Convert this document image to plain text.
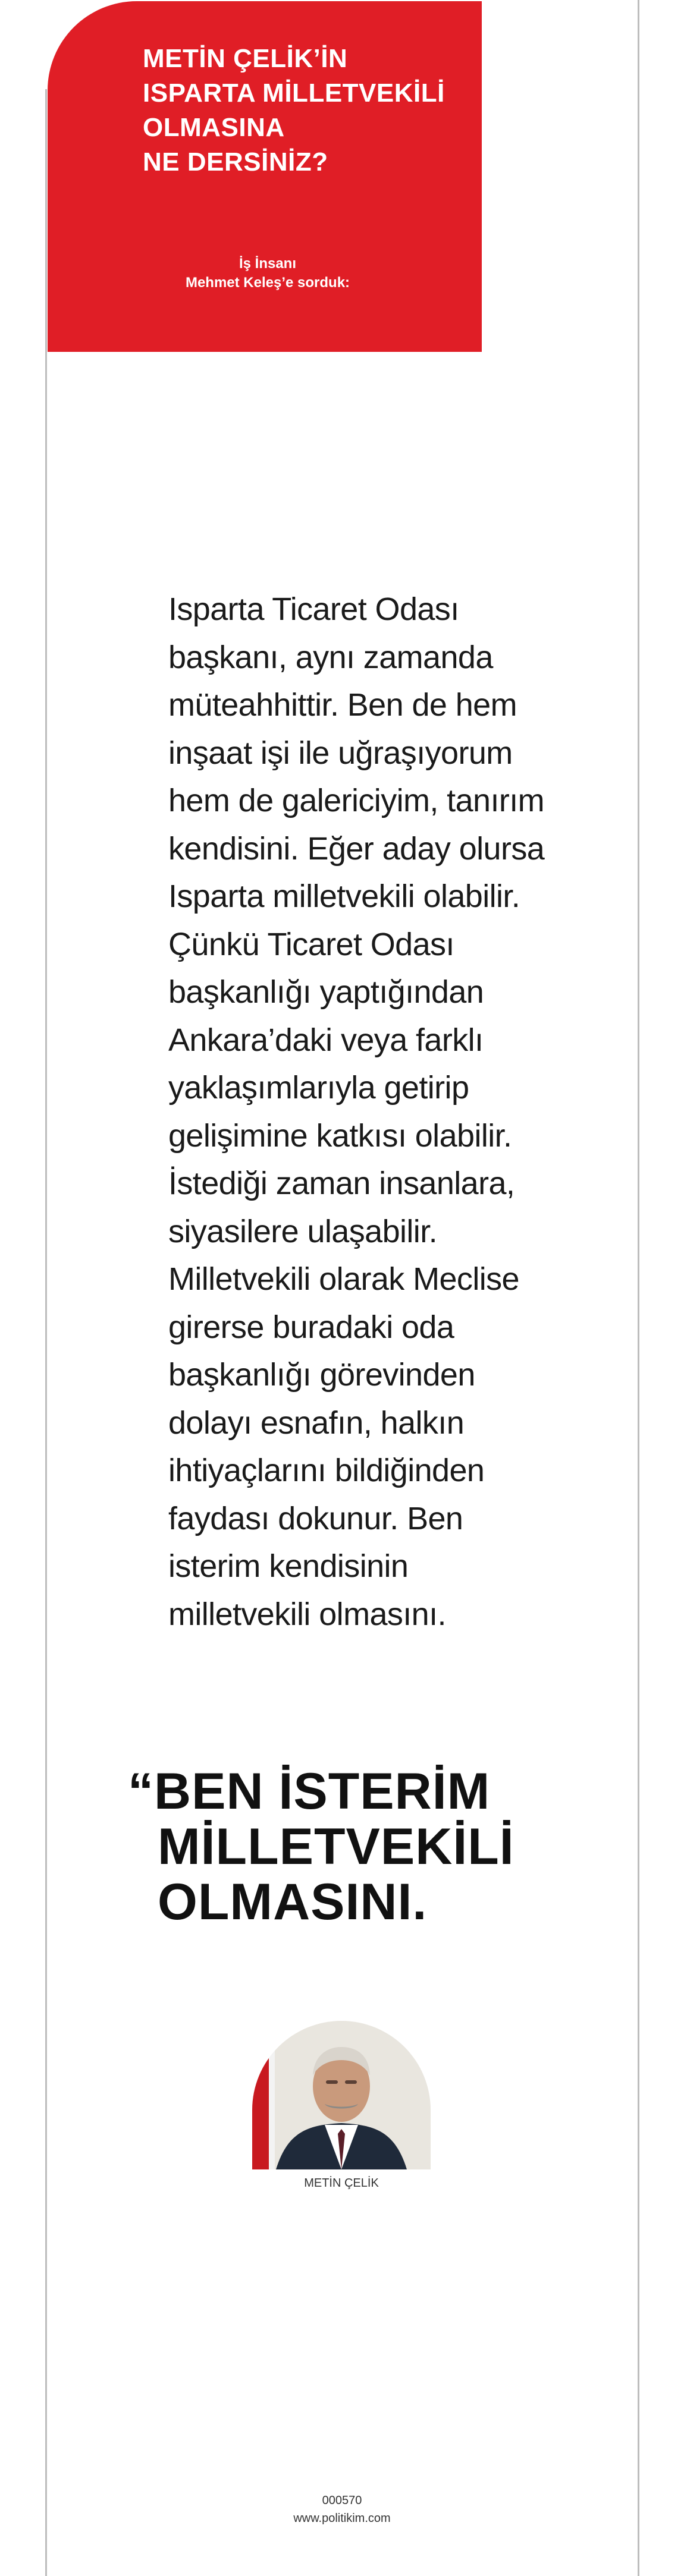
METİN ÇELİK’İN
ISPARTA MİLLETVEKİLİ
OLMASINA
NE DERSİNİZ?
İş İnsanı
Mehmet Keleş’e sorduk:

Isparta Ticaret Odası başkanı, aynı zamanda müteahhittir. Ben de hem inşaat işi ile uğraşıyorum hem de galericiyim, tanırım kendisini. Eğer aday olursa Isparta milletvekili olabilir. Çünkü Ticaret Odası başkanlığı yaptığından Ankara’daki veya farklı yaklaşımlarıyla getirip gelişimine katkısı olabilir. İstediği zaman insanlara, siyasilere ulaşabilir. Milletvekili olarak Meclise girerse buradaki oda başkanlığı görevinden dolayı esnafın, halkın ihtiyaçlarını bildiğinden faydası dokunur. Ben isterim kendisinin milletvekili olmasını.

“BEN İSTERİM
MİLLETVEKİLİ
OLMASINI.
METİN ÇELİK
000570
www.politikim.com
